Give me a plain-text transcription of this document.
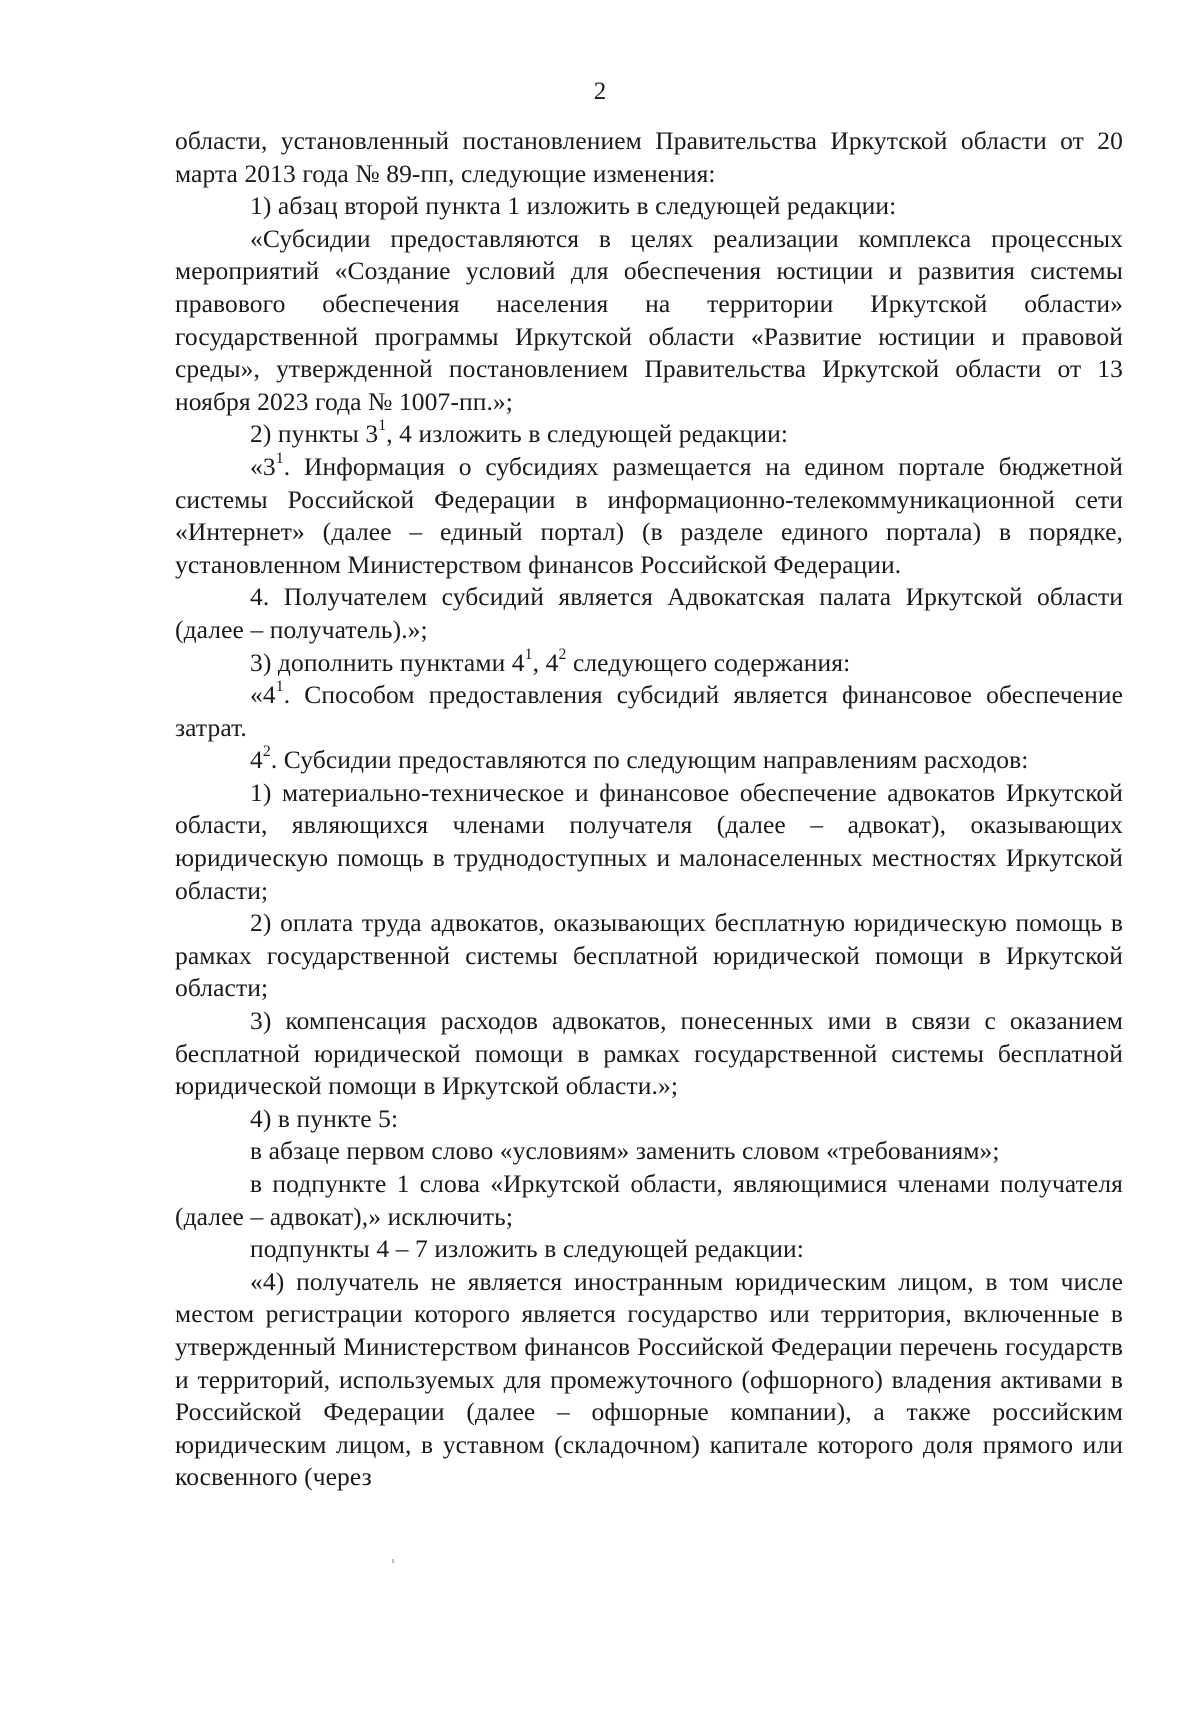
2

области, установленный постановлением Правительства Иркутской области от 20 марта 2013 года № 89-пп, следующие изменения:

1) абзац второй пункта 1 изложить в следующей редакции:

«Субсидии предоставляются в целях реализации комплекса процессных мероприятий «Создание условий для обеспечения юстиции и развития системы правового обеспечения населения на территории Иркутской области» государственной программы Иркутской области «Развитие юстиции и правовой среды», утвержденной постановлением Правительства Иркутской области от 13 ноября 2023 года № 1007-пп.»;

2) пункты $3^1$, 4 изложить в следующей редакции:

«$3^1$. Информация о субсидиях размещается на едином портале бюджетной системы Российской Федерации в информационно-телекоммуникационной сети «Интернет» (далее – единый портал) (в разделе единого портала) в порядке, установленном Министерством финансов Российской Федерации.

4. Получателем субсидий является Адвокатская палата Иркутской области (далее – получатель).»;

3) дополнить пунктами $4^1$, $4^2$ следующего содержания:

«$4^1$. Способом предоставления субсидий является финансовое обеспечение затрат.

$4^2$. Субсидии предоставляются по следующим направлениям расходов:

1) материально-техническое и финансовое обеспечение адвокатов Иркутской области, являющихся членами получателя (далее – адвокат), оказывающих юридическую помощь в труднодоступных и малонаселенных местностях Иркутской области;

2) оплата труда адвокатов, оказывающих бесплатную юридическую помощь в рамках государственной системы бесплатной юридической помощи в Иркутской области;

3) компенсация расходов адвокатов, понесенных ими в связи с оказанием бесплатной юридической помощи в рамках государственной системы бесплатной юридической помощи в Иркутской области.»;

4) в пункте 5:

в абзаце первом слово «условиям» заменить словом «требованиям»;

в подпункте 1 слова «Иркутской области, являющимися членами получателя (далее – адвокат),» исключить;

подпункты 4 – 7 изложить в следующей редакции:

«4) получатель не является иностранным юридическим лицом, в том числе местом регистрации которого является государство или территория, включенные в утвержденный Министерством финансов Российской Федерации перечень государств и территорий, используемых для промежуточного (офшорного) владения активами в Российской Федерации (далее – офшорные компании), а также российским юридическим лицом, в уставном (складочном) капитале которого доля прямого или косвенного (через
